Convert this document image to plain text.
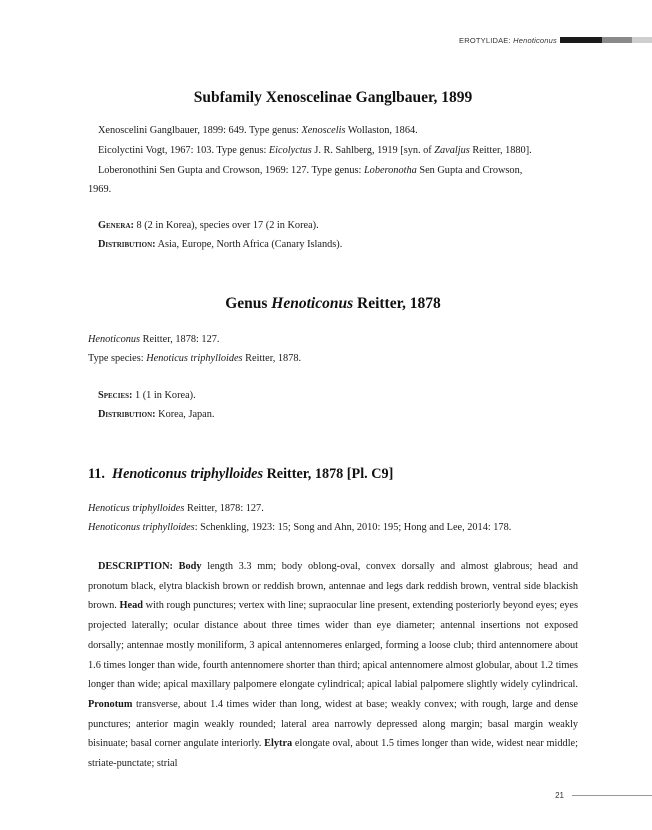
EROTYLIDAE: Henoticonus
Subfamily Xenoscelinae Ganglbauer, 1899

Xenoscelini Ganglbauer, 1899: 649. Type genus: Xenoscelis Wollaston, 1864.

Eicolyctini Vogt, 1967: 103. Type genus: Eicolyctus J. R. Sahlberg, 1919 [syn. of Zavaljus Reitter, 1880].

Loberonothini Sen Gupta and Crowson, 1969: 127. Type genus: Loberonotha Sen Gupta and Crowson,

1969.

Genera: 8 (2 in Korea), species over 17 (2 in Korea).

Distribution: Asia, Europe, North Africa (Canary Islands).

Genus Henoticonus Reitter, 1878

Henoticonus Reitter, 1878: 127.

Type species: Henoticus triphylloides Reitter, 1878.

Species: 1 (1 in Korea).

Distribution: Korea, Japan.

11. Henoticonus triphylloides Reitter, 1878 [Pl. C9]

Henoticus triphylloides Reitter, 1878: 127.

Henoticonus triphylloides: Schenkling, 1923: 15; Song and Ahn, 2010: 195; Hong and Lee, 2014: 178.

DESCRIPTION: Body length 3.3 mm; body oblong-oval, convex dorsally and almost glabrous; head and pronotum black, elytra blackish brown or reddish brown, antennae and legs dark reddish brown, ventral side blackish brown. Head with rough punctures; vertex with line; supraocular line present, extending posteriorly beyond eyes; eyes projected laterally; ocular distance about three times wider than eye diameter; antennal insertions not exposed dorsally; antennae mostly moniliform, 3 apical antennomeres enlarged, forming a loose club; third antennomere about 1.6 times longer than wide, fourth antennomere shorter than third; apical antennomere almost globular, about 1.2 times longer than wide; apical maxillary palpomere elongate cylindrical; apical labial palpomere slightly widely cylindrical. Pronotum transverse, about 1.4 times wider than long, widest at base; weakly convex; with rough, large and dense punctures; anterior magin weakly rounded; lateral area narrowly depressed along margin; basal margin weakly bisinuate; basal corner angulate interiorly. Elytra elongate oval, about 1.5 times longer than wide, widest near middle; striate-punctate; strial

21
